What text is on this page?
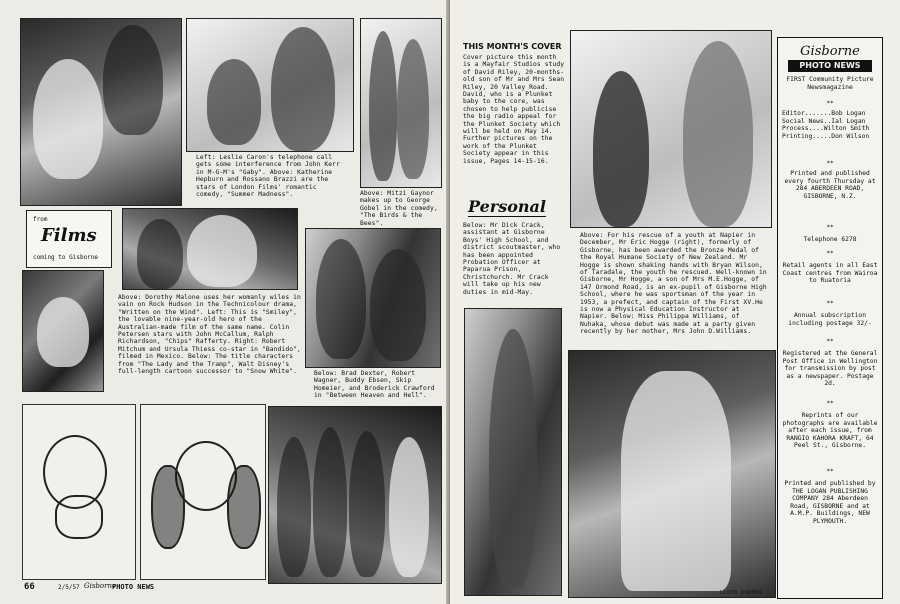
Left: Leslie Caron's telephone call gets some interference from John Kerr in M-G-M's "Gaby". Above: Katherine Hepburn and Rossano Brazzi are the stars of London Films' romantic comedy, "Summer Madness".	Above: Mitzi Gaynor makes up to George Gobel in the comedy, "The Birds & the Bees".

from
Films
coming to Gisborne

Above: Dorothy Malone uses her womanly wiles in vain on Rock Hudson in the Technicolour drama, "Written on the Wind". Left: This is "Smiley", the lovable nine-year-old hero of the Australian-made film of the same name. Colin Petersen stars with John McCallum, Ralph Richardson, "Chips" Rafferty. Right: Robert Mitchum and Ursula Thiess co-star in "Bandido", filmed in Mexico. Below: The title characters from "The Lady and the Tramp", Walt Disney's full-length cartoon successor to "Snow White".	Below: Brad Dexter, Robert Wagner, Buddy Ebsen, Skip Homeier, and Broderick Crawford in "Between Heaven and Hell".

66	2/5/57 Gisborne
PHOTO NEWS
THIS MONTH'S COVER

Cover picture this month is a Mayfair Studios study of David Riley, 20-months-old son of Mr and Mrs Sean Riley, 20 Valley Road. David, who is a Plunket baby to the core, was chosen to help publicise the big radio appeal for the Plunket Society which will be held on May 14. Further pictures on the work of the Plunket Society appear in this issue, Pages 14-15-16.

Personal

Below: Mr Dick Crack, assistant at Gisborne Boys' High School, and district scoutmaster, who has been appointed Probation Officer at Paparua Prison, Christchurch. Mr Crack will take up his new duties in mid-May.

Above: For his rescue of a youth at Napier in December, Mr Eric Hogge (right), formerly of Gisborne, has been awarded the Bronze Medal of the Royal Humane Society of New Zealand. Mr Hogge is shown shaking hands with Bryan Wilson, of Taradale, the youth he rescued. Well-known in Gisborne, Mr Hogge, a son of Mrs M.E.Hogge, of 147 Ormond Road, is an ex-pupil of Gisborne High School, where he was sportsman of the year in 1953, a prefect, and captain of the First XV.He is now a Physical Education Instructor at Napier. Below: Miss Philippa Williams, of Nuhaka, whose debut was made at a party given recently by her mother, Mrs John D.Williams.

LLOYD DORMER
Gisborne
PHOTO NEWS

FIRST Community Picture Newsmagazine

**

Editor.......Bob Logan Social News..Ial Logan Process....Wilton Smith Printing.....Don Wilson

**

Printed and published every fourth Thursday at 284 ABERDEEN ROAD, GISBORNE, N.Z.

**

Telephone 6278

**

Retail agents in all East Coast centres from Wairoa to Ruatoria

**

Annual subscription including postage 32/-

**

Registered at the General Post Office in Wellington for transmission by post as a newspaper. Postage 2d.

**

Reprints of our photographs are available after each issue, from RANGIO KAHORA KRAFT, 64 Peel St., Gisborne.

**

Printed and published by THE LOGAN PUBLISHING COMPANY 284 Aberdeen Road, GISBORNE and at A.M.P. Buildings, NEW PLYMOUTH.
